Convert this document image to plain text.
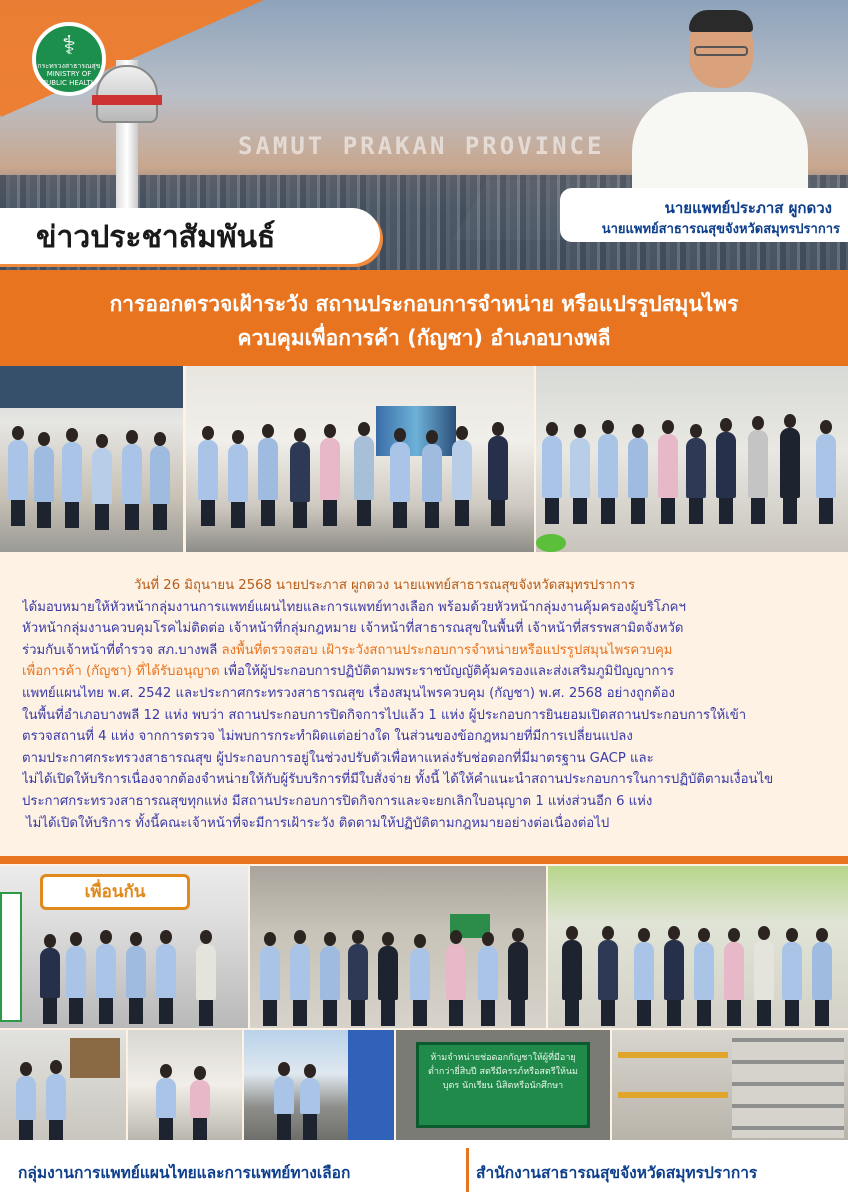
⚕
กระทรวงสาธารณสุข MINISTRY OF PUBLIC HEALTH
SAMUT PRAKAN PROVINCE
ข่าวประชาสัมพันธ์
นายแพทย์ประภาส ผูกดวง
นายแพทย์สาธารณสุขจังหวัดสมุทรปราการ
การออกตรวจเฝ้าระวัง สถานประกอบการจำหน่าย หรือแปรรูปสมุนไพร
ควบคุมเพื่อการค้า (กัญชา) อำเภอบางพลี

วันที่ 26 มิถุนายน 2568 นายประภาส ผูกดวง นายแพทย์สาธารณสุขจังหวัดสมุทรปราการ

ได้มอบหมายให้หัวหน้ากลุ่มงานการแพทย์แผนไทยและการแพทย์ทางเลือก พร้อมด้วยหัวหน้ากลุ่มงานคุ้มครองผู้บริโภคฯ

หัวหน้ากลุ่มงานควบคุมโรคไม่ติดต่อ เจ้าหน้าที่กลุ่มกฎหมาย เจ้าหน้าที่สาธารณสุขในพื้นที่ เจ้าหน้าที่สรรพสามิตจังหวัด

ร่วมกับเจ้าหน้าที่ตำรวจ สภ.บางพลี ลงพื้นที่ตรวจสอบ เฝ้าระวังสถานประกอบการจำหน่ายหรือแปรรูปสมุนไพรควบคุม

เพื่อการค้า (กัญชา) ที่ได้รับอนุญาต เพื่อให้ผู้ประกอบการปฏิบัติตามพระราชบัญญัติคุ้มครองและส่งเสริมภูมิปัญญาการ

แพทย์แผนไทย พ.ศ. 2542 และประกาศกระทรวงสาธารณสุข เรื่องสมุนไพรควบคุม (กัญชา) พ.ศ. 2568 อย่างถูกต้อง

ในพื้นที่อำเภอบางพลี 12 แห่ง พบว่า สถานประกอบการปิดกิจการไปแล้ว 1 แห่ง ผู้ประกอบการยินยอมเปิดสถานประกอบการให้เข้า

ตรวจสถานที่ 4 แห่ง จากการตรวจ ไม่พบการกระทำผิดแต่อย่างใด ในส่วนของข้อกฎหมายที่มีการเปลี่ยนแปลง

ตามประกาศกระทรวงสาธารณสุข ผู้ประกอบการอยู่ในช่วงปรับตัวเพื่อหาแหล่งรับช่อดอกที่มีมาตรฐาน GACP และ

ไม่ได้เปิดให้บริการเนื่องจากต้องจำหน่ายให้กับผู้รับบริการที่มีใบสั่งจ่าย ทั้งนี้ ได้ให้คำแนะนำสถานประกอบการในการปฏิบัติตามเงื่อนไข

ประกาศกระทรวงสาธารณสุขทุกแห่ง มีสถานประกอบการปิดกิจการและจะยกเลิกใบอนุญาต 1 แห่งส่วนอีก 6 แห่ง

ไม่ได้เปิดให้บริการ ทั้งนี้คณะเจ้าหน้าที่จะมีการเฝ้าระวัง ติดตามให้ปฏิบัติตามกฎหมายอย่างต่อเนื่องต่อไป

เพื่อนกัน
ห้ามจำหน่ายช่อดอกกัญชาให้ผู้ที่มีอายุต่ำกว่ายี่สิบปี สตรีมีครรภ์หรือสตรีให้นมบุตร นักเรียน นิสิตหรือนักศึกษา
กลุ่มงานการแพทย์แผนไทยและการแพทย์ทางเลือก	สำนักงานสาธารณสุขจังหวัดสมุทรปราการ
